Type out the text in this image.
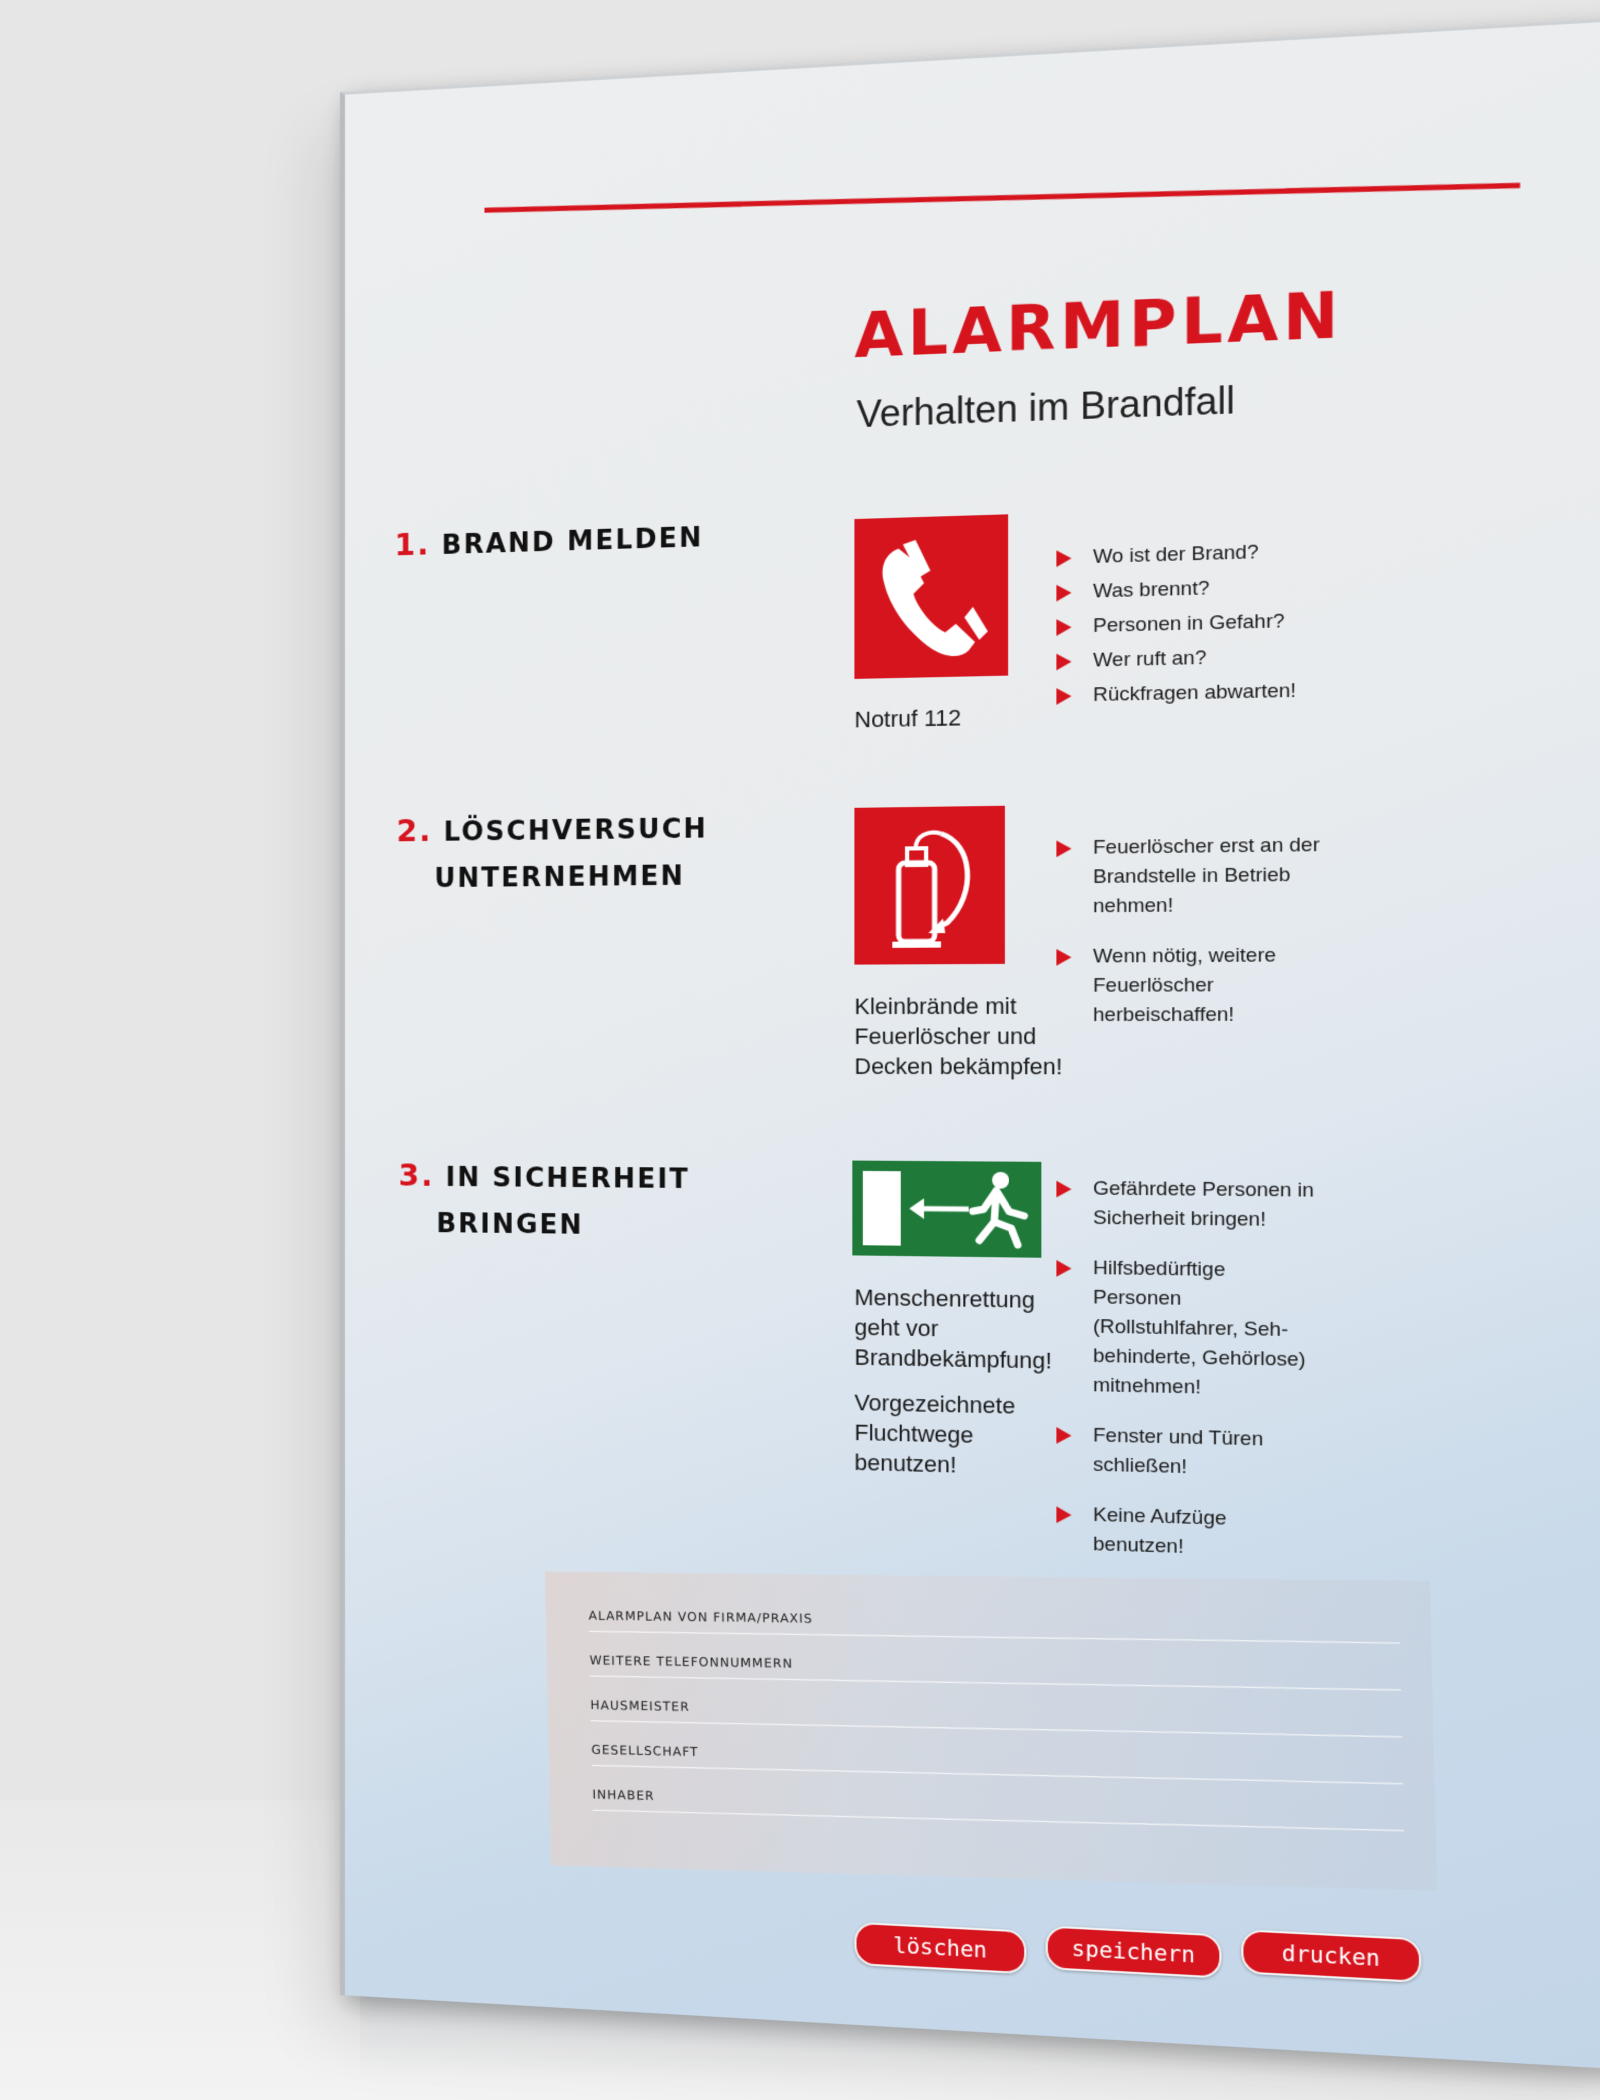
ALARMPLAN
Verhalten im Brandfall
1. BRAND MELDEN
Notruf 112
Wo ist der Brand?
Was brennt?
Personen in Gefahr?
Wer ruft an?
Rückfragen abwarten!
2. LÖSCHVERSUCH
UNTERNEHMEN
Kleinbrände mit
Feuerlöscher und
Decken bekämpfen!
Feuerlöscher erst an der Brandstelle in Betrieb nehmen!
Wenn nötig, weitere Feuerlöscher herbeischaffen!
3. IN SICHERHEIT
BRINGEN
Menschenrettung
geht vor
Brandbekämpfung!
Vorgezeichnete
Fluchtwege
benutzen!
Gefährdete Personen in Sicherheit bringen!
Hilfsbedürftige Personen (Rollstuhlfahrer, Seh-behinderte, Gehörlose) mitnehmen!
Fenster und Türen schließen!
Keine Aufzüge benutzen!
ALARMPLAN VON FIRMA/PRAXIS
WEITERE TELEFONNUMMERN
HAUSMEISTER
GESELLSCHAFT
INHABER
löschen	speichern	drucken
